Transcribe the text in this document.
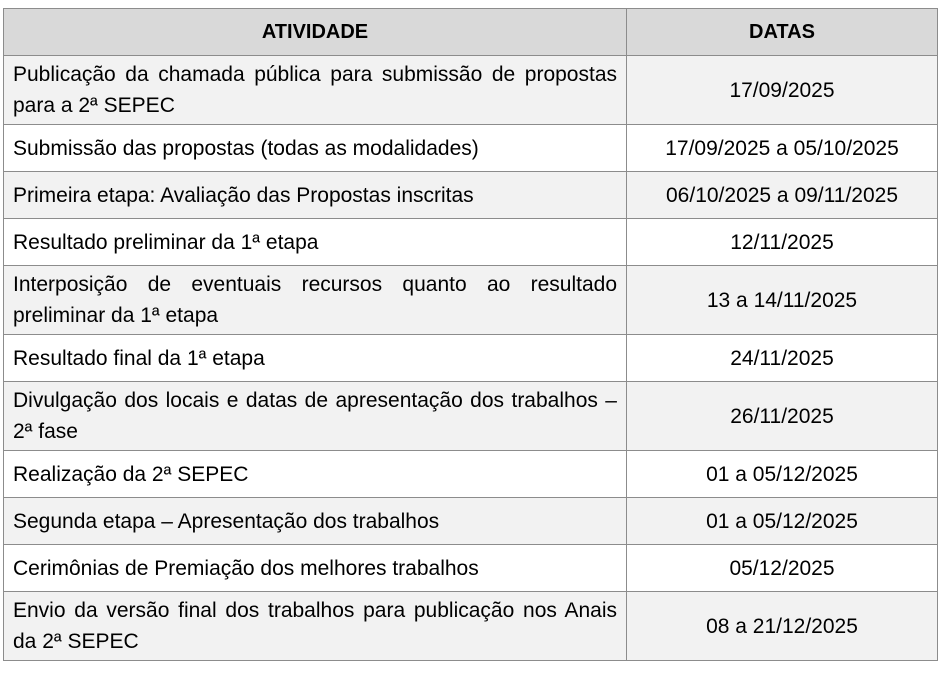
ATIVIDADE	DATAS
Publicação da chamada pública para submissão de propostas para a 2ª SEPEC	17/09/2025
Submissão das propostas (todas as modalidades)	17/09/2025 a 05/10/2025
Primeira etapa: Avaliação das Propostas inscritas	06/10/2025 a 09/11/2025
Resultado preliminar da 1ª etapa	12/11/2025
Interposição de eventuais recursos quanto ao resultado preliminar da 1ª etapa	13 a 14/11/2025
Resultado final da 1ª etapa	24/11/2025
Divulgação dos locais e datas de apresentação dos trabalhos – 2ª fase	26/11/2025
Realização da 2ª SEPEC	01 a 05/12/2025
Segunda etapa – Apresentação dos trabalhos	01 a 05/12/2025
Cerimônias de Premiação dos melhores trabalhos	05/12/2025
Envio da versão final dos trabalhos para publicação nos Anais da 2ª SEPEC	08 a 21/12/2025
